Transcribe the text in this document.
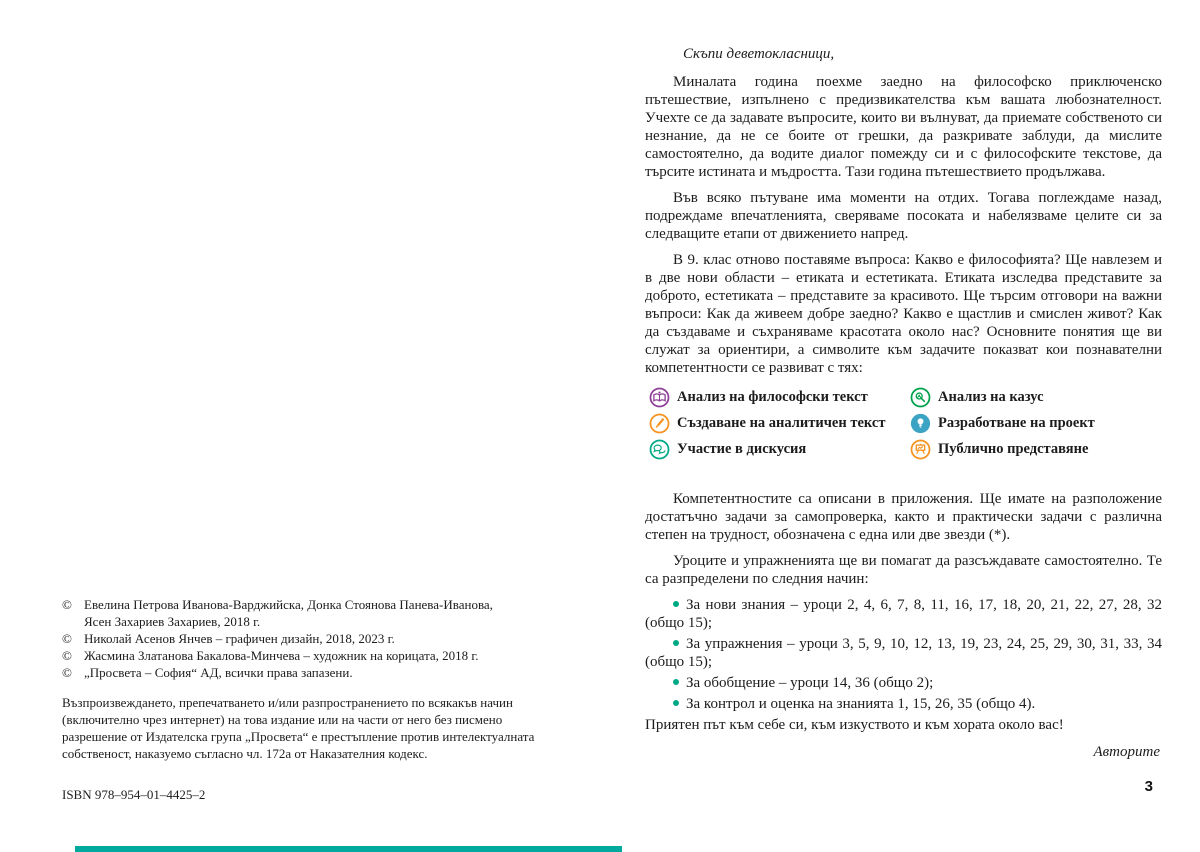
Скъпи деветокласници,

Миналата година поехме заедно на философско приключенско пътешествие, изпълнено с предизвикателства към вашата любознателност. Учехте се да задавате въпросите, които ви вълнуват, да приемате собственото си незнание, да не се боите от грешки, да разкривате заблуди, да мислите самостоятелно, да водите диалог помежду си и с философските текстове, да търсите истината и мъдростта. Тази година пътешествието продължава.

Във всяко пътуване има моменти на отдих. Тогава поглеждаме назад, подреждаме впечатленията, сверяваме посоката и набелязваме целите си за следващите етапи от движението напред.

В 9. клас отново поставяме въпроса: Какво е философията? Ще навлезем и в две нови области – етиката и естетиката. Етиката изследва представите за доброто, естетиката – представите за красивото. Ще търсим отговори на важни въпроси: Как да живеем добре заедно? Какво е щастлив и смислен живот? Как да създаваме и съхраняваме красотата около нас? Основните понятия ще ви служат за ориентири, а символите към задачите показват кои познавателни компетентности се развиват с тях:

Анализ на философски текст
Създаване на аналитичен текст
Участие в дискусия
Анализ на казус
Разработване на проект
Публично представяне

Компетентностите са описани в приложения. Ще имате на разположение достатъчно задачи за самопроверка, както и практически задачи с различна степен на трудност, обозначена с една или две звезди (*).

Уроците и упражненията ще ви помагат да разсъждавате самостоятелно. Те са разпределени по следния начин:

За нови знания – уроци 2, 4, 6, 7, 8, 11, 16, 17, 18, 20, 21, 22, 27, 28, 32 (общо 15);

За упражнения – уроци 3, 5, 9, 10, 12, 13, 19, 23, 24, 25, 29, 30, 31, 33, 34 (общо 15);

За обобщение – уроци 14, 36 (общо 2);

За контрол и оценка на знанията 1, 15, 26, 35 (общо 4).

Приятен път към себе си, към изкуството и към хората около вас!

Авторите

© Евелина Петрова Иванова-Варджийска, Донка Стоянова Панева-Иванова,
Ясен Захариев Захариев, 2018 г.
© Николай Асенов Янчев – графичен дизайн, 2018, 2023 г.
© Жасмина Златанова Бакалова-Минчева – художник на корицата, 2018 г.
© „Просвета – София“ АД, всички права запазени.
Възпроизвеждането, препечатването и/или разпространението по всякакъв начин (включително чрез интернет) на това издание или на части от него без писмено разрешение от Издателска група „Просвета“ е престъпление против интелектуалната собственост, наказуемо съгласно чл. 172а от Наказателния кодекс.
ISBN 978–954–01–4425–2	3
